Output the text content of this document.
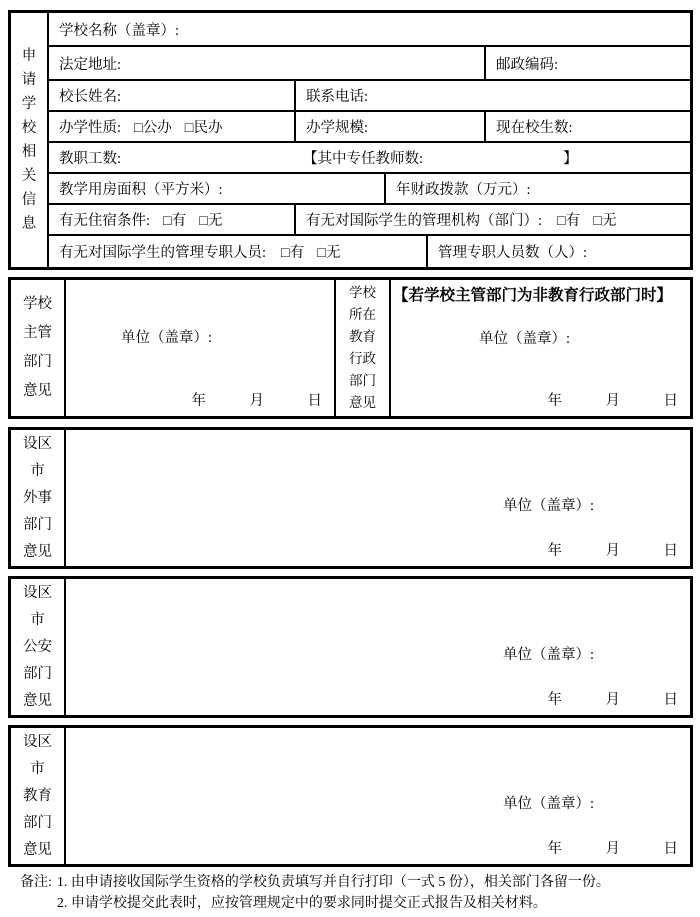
申
请
学
校
相
关
信
息
学校名称（盖章）:
法定地址:	邮政编码:
校长姓名:	联系电话:
办学性质: □公办 □民办	办学规模:	现在校生数:
教职工数:	【其中专任教师数:	】
教学用房面积（平方米）:	年财政拨款（万元）:
有无住宿条件: □有 □无	有无对国际学生的管理机构（部门）: □有 □无
有无对国际学生的管理专职人员: □有 □无	管理专职人员数（人）:
学校
主管
部门
意见
单位（盖章）:
年　　　月　　　日
学校
所在
教育
行政
部门
意见
【若学校主管部门为非教育行政部门时】
单位（盖章）:
年　　　月　　　日
设区
市
外事
部门
意见
单位（盖章）:
年　　　月　　　日
设区
市
公安
部门
意见
单位（盖章）:
年　　　月　　　日
设区
市
教育
部门
意见
单位（盖章）:
年　　　月　　　日
备注: 1. 由申请接收国际学生资格的学校负责填写并自行打印（一式 5 份），相关部门各留一份。
2. 申请学校提交此表时，应按管理规定中的要求同时提交正式报告及相关材料。
